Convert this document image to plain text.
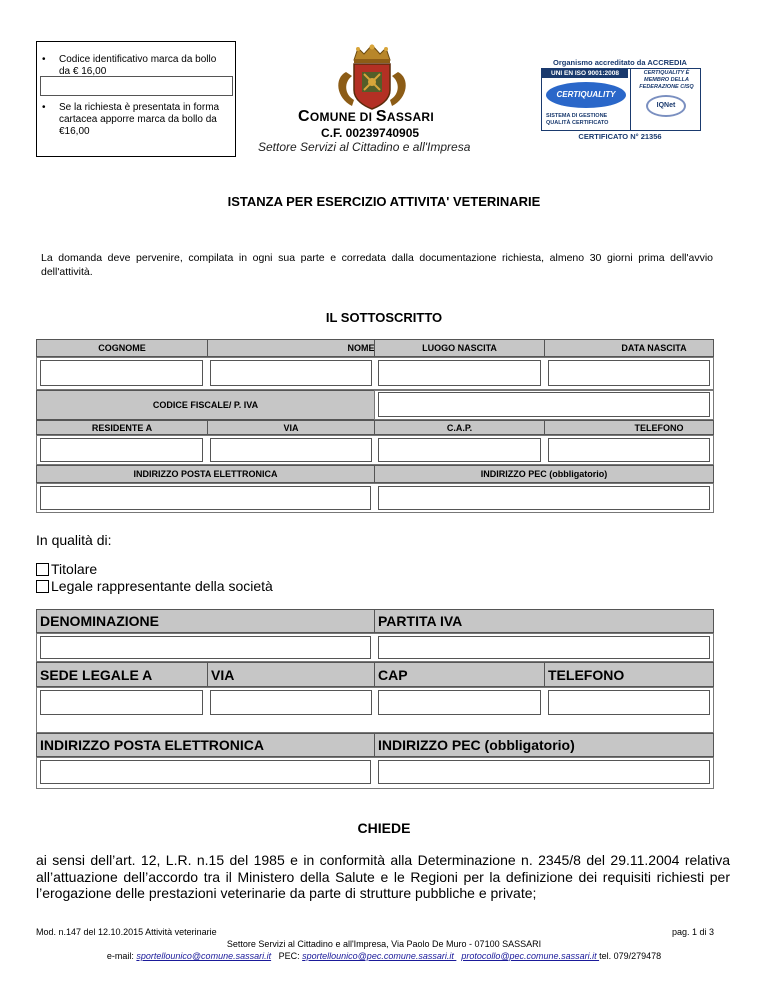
• Codice identificativo marca da bollo da € 16,00
• Se la richiesta è presentata in forma cartacea apporre marca da bollo da €16,00
COMUNE DI SASSARI
C.F. 00239740905
Settore Servizi al Cittadino e all'Impresa
Organismo accreditato da ACCREDIA
UNI EN ISO 9001:2008
CERTIQUALITY
SISTEMA DI GESTIONE QUALITÀ CERTIFICATO
CERTIQUALITY È MEMBRO DELLA FEDERAZIONE CISQ
IQNet
CERTIFICATO N° 21356
ISTANZA PER ESERCIZIO ATTIVITA' VETERINARIE
La domanda deve pervenire, compilata in ogni sua parte e corredata dalla documentazione richiesta, almeno 30 giorni prima dell'avvio dell'attività.
IL SOTTOSCRITTO
COGNOME	NOME	LUOGO NASCITA	DATA NASCITA
CODICE FISCALE/ P. IVA
RESIDENTE A	VIA	C.A.P.	TELEFONO
INDIRIZZO POSTA ELETTRONICA	INDIRIZZO PEC (obbligatorio)
In qualità di:
Titolare
Legale rappresentante della società
DENOMINAZIONE	PARTITA IVA
SEDE LEGALE A	VIA	CAP	TELEFONO
INDIRIZZO POSTA ELETTRONICA	INDIRIZZO PEC (obbligatorio)
CHIEDE
ai sensi dell’art. 12, L.R. n.15 del 1985 e in conformità alla Determinazione n. 2345/8 del 29.11.2004 relativa all’attuazione dell’accordo tra il Ministero della Salute e le Regioni per la definizione dei requisiti richiesti per l’erogazione delle prestazioni veterinarie da parte di strutture pubbliche e private;
Mod. n.147 del 12.10.2015 Attività veterinarie	pag. 1 di 3
Settore Servizi al Cittadino e all'Impresa, Via Paolo De Muro - 07100 SASSARI
e-mail: sportellounico@comune.sassari.it PEC: sportellounico@pec.comune.sassari.it   protocollo@pec.comune.sassari.it tel. 079/279478
